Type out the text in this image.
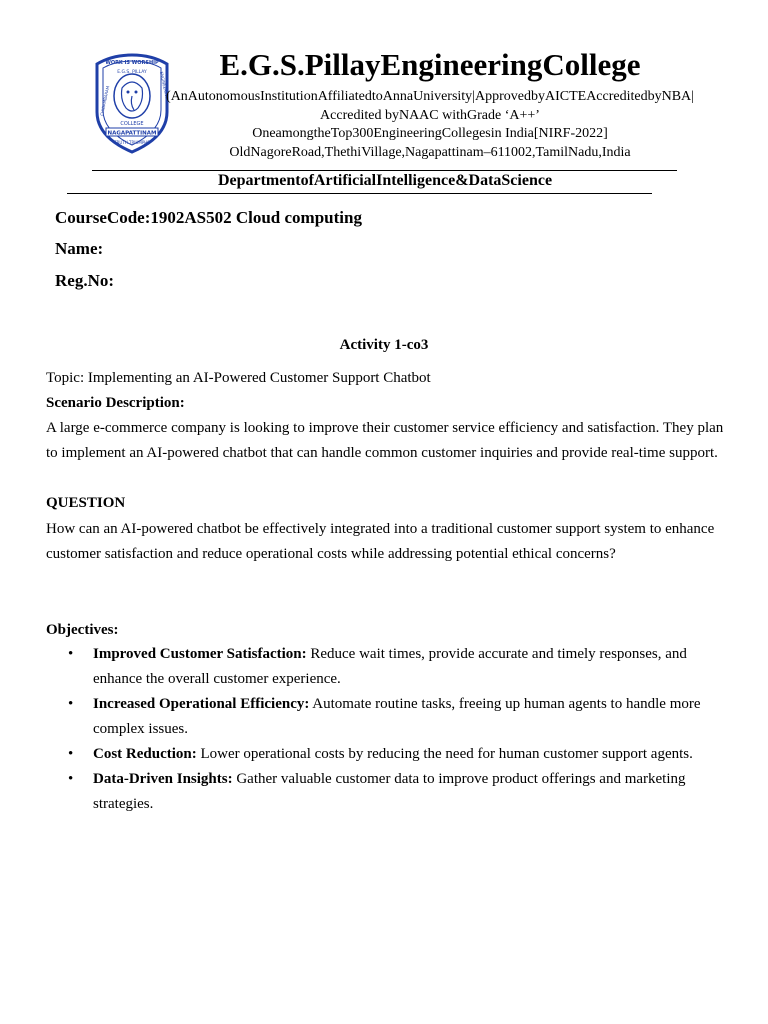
WORK IS WORSHIP
E.G.S. PILLAY
CHIDAMBARAM
ENGINEERING
COLLEGE
NAGAPATTINAM
TRUTH TRIUMPHS
E.G.S.PillayEngineeringCollege
(AnAutonomousInstitutionAffiliatedtoAnnaUniversity|ApprovedbyAICTEAccreditedbyNBA|
Accredited byNAAC withGrade ‘A++’
OneamongtheTop300EngineeringCollegesin India[NIRF-2022]
OldNagoreRoad,ThethiVillage,Nagapattinam–611002,TamilNadu,India
DepartmentofArtificialIntelligence&DataScience
CourseCode:1902AS502 Cloud computing
Name:
Reg.No:
Activity 1-co3
Topic: Implementing an AI-Powered Customer Support Chatbot
Scenario Description:
A large e-commerce company is looking to improve their customer service efficiency and satisfaction. They plan to implement an AI-powered chatbot that can handle common customer inquiries and provide real-time support.
QUESTION
How can an AI-powered chatbot be effectively integrated into a traditional customer support system to enhance customer satisfaction and reduce operational costs while addressing potential ethical concerns?
Objectives:
• Improved Customer Satisfaction: Reduce wait times, provide accurate and timely responses, and enhance the overall customer experience.
• Increased Operational Efficiency: Automate routine tasks, freeing up human agents to handle more complex issues.
• Cost Reduction: Lower operational costs by reducing the need for human customer support agents.
• Data-Driven Insights: Gather valuable customer data to improve product offerings and marketing strategies.
